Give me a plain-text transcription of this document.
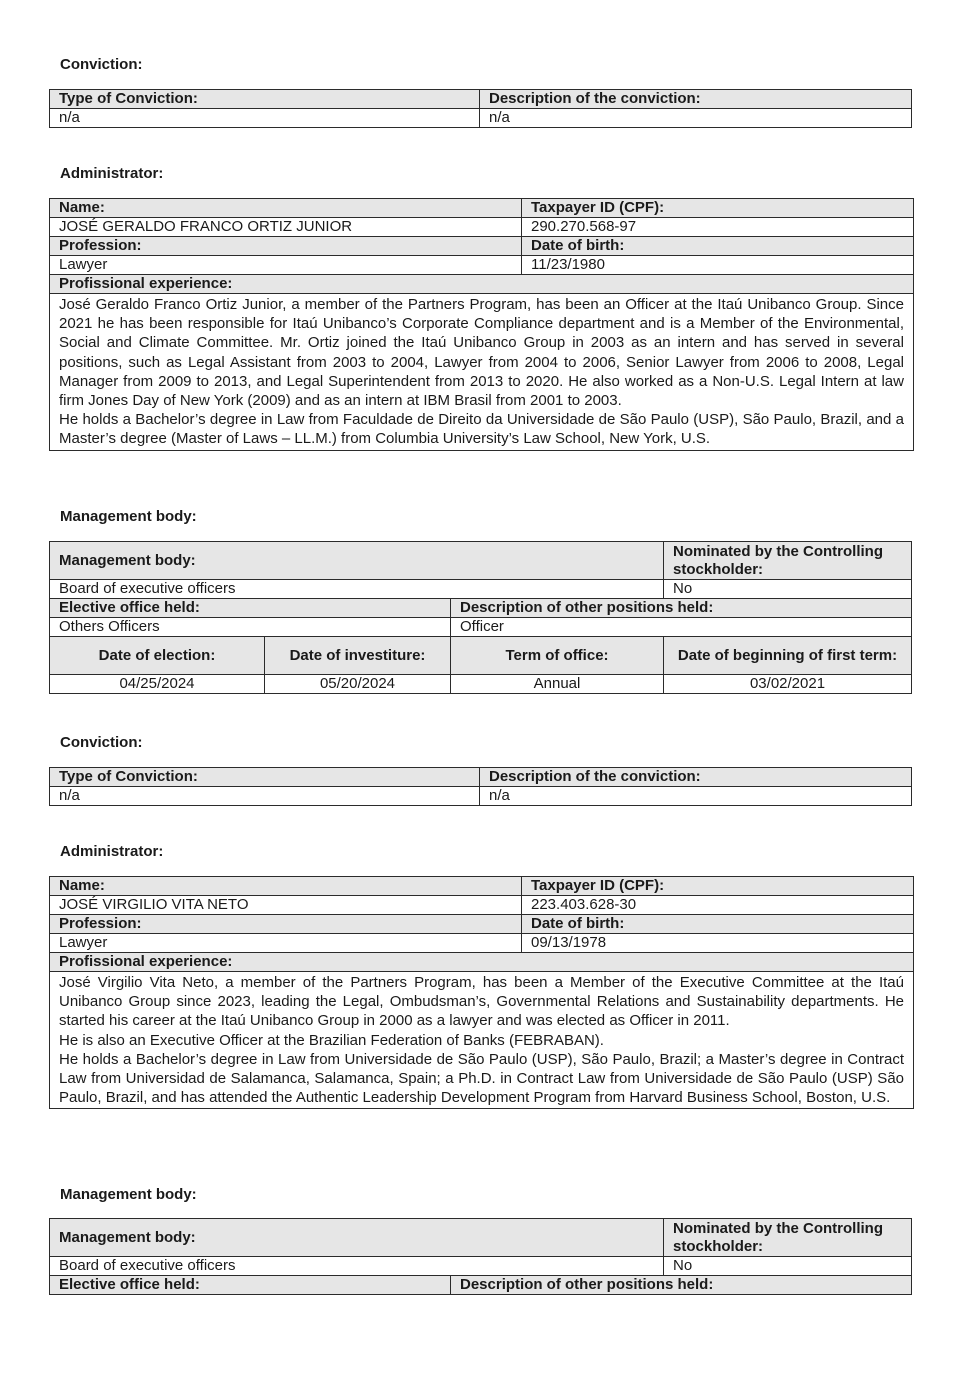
Conviction:
Type of Conviction:	Description of the conviction:
n/a	n/a
Administrator:
Name:	Taxpayer ID (CPF):
JOSÉ GERALDO FRANCO ORTIZ JUNIOR	290.270.568-97
Profession:	Date of birth:
Lawyer	11/23/1980
Profissional experience:	

José Geraldo Franco Ortiz Junior, a member of the Partners Program, has been an Officer at the Itaú Unibanco Group. Since 2021 he has been responsible for Itaú Unibanco’s Corporate Compliance department and is a Member of the Environmental, Social and Climate Committee. Mr. Ortiz joined the Itaú Unibanco Group in 2003 as an intern and has served in several positions, such as Legal Assistant from 2003 to 2004, Lawyer from 2004 to 2006, Senior Lawyer from 2006 to 2008, Legal Manager from 2009 to 2013, and Legal Superintendent from 2013 to 2020. He also worked as a Non-U.S. Legal Intern at law firm Jones Day of New York (2009) and as an intern at IBM Brasil from 2001 to 2003.

He holds a Bachelor’s degree in Law from Faculdade de Direito da Universidade de São Paulo (USP), São Paulo, Brazil, and a Master’s degree (Master of Laws – LL.M.) from Columbia University’s Law School, New York, U.S.	

Management body:
Management body:			Nominated by the Controlling stockholder:
Board of executive officers			No
Elective office held:		Description of other positions held:	
Others Officers		Officer	
Date of election:	Date of investiture:	Term of office:	Date of beginning of first term:
04/25/2024	05/20/2024	Annual	03/02/2021
Conviction:
Type of Conviction:	Description of the conviction:
n/a	n/a
Administrator:
Name:	Taxpayer ID (CPF):
JOSÉ VIRGILIO VITA NETO	223.403.628-30
Profession:	Date of birth:
Lawyer	09/13/1978
Profissional experience:	

José Virgilio Vita Neto, a member of the Partners Program, has been a Member of the Executive Committee at the Itaú Unibanco Group since 2023, leading the Legal, Ombudsman’s, Governmental Relations and Sustainability departments. He started his career at the Itaú Unibanco Group in 2000 as a lawyer and was elected as Officer in 2011.

He is also an Executive Officer at the Brazilian Federation of Banks (FEBRABAN).

He holds a Bachelor’s degree in Law from Universidade de São Paulo (USP), São Paulo, Brazil; a Master’s degree in Contract Law from Universidad de Salamanca, Salamanca, Spain; a Ph.D. in Contract Law from Universidade de São Paulo (USP) São Paulo, Brazil, and has attended the Authentic Leadership Development Program from Harvard Business School, Boston, U.S.	

Management body:
Management body:		Nominated by the Controlling stockholder:
Board of executive officers		No
Elective office held:	Description of other positions held:	
